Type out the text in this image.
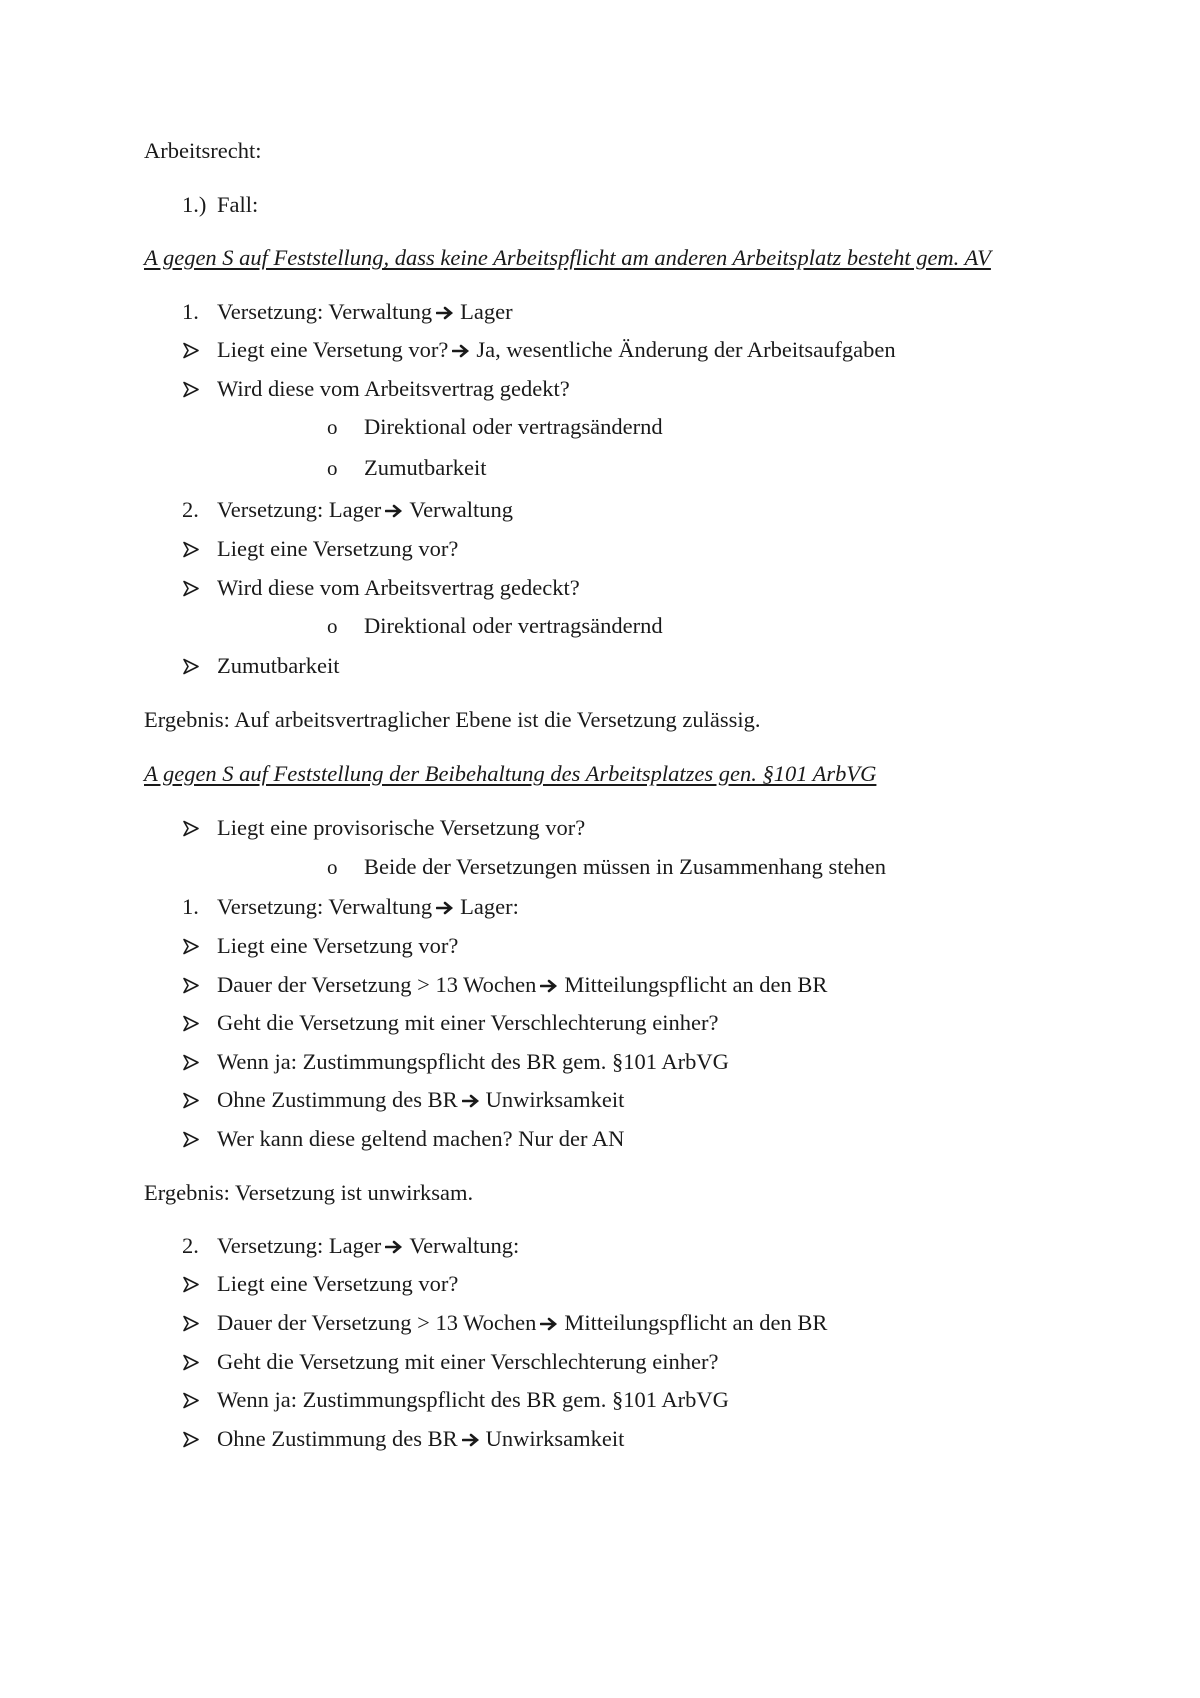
Arbeitsrecht:
1.) Fall:
A gegen S auf Feststellung, dass keine Arbeitspflicht am anderen Arbeitsplatz besteht gem. AV
1. Versetzung: Verwaltung Lager
Liegt eine Versetung vor? Ja, wesentliche Änderung der Arbeitsaufgaben
Wird diese vom Arbeitsvertrag gedekt?
o Direktional oder vertragsändernd
o Zumutbarkeit
2. Versetzung: Lager Verwaltung
Liegt eine Versetzung vor?
Wird diese vom Arbeitsvertrag gedeckt?
o Direktional oder vertragsändernd
Zumutbarkeit
Ergebnis: Auf arbeitsvertraglicher Ebene ist die Versetzung zulässig.
A gegen S auf Feststellung der Beibehaltung des Arbeitsplatzes gen. §101 ArbVG
Liegt eine provisorische Versetzung vor?
o Beide der Versetzungen müssen in Zusammenhang stehen
1. Versetzung: Verwaltung Lager:
Liegt eine Versetzung vor?
Dauer der Versetzung > 13 Wochen Mitteilungspflicht an den BR
Geht die Versetzung mit einer Verschlechterung einher?
Wenn ja: Zustimmungspflicht des BR gem. §101 ArbVG
Ohne Zustimmung des BR Unwirksamkeit
Wer kann diese geltend machen? Nur der AN
Ergebnis: Versetzung ist unwirksam.
2. Versetzung: Lager Verwaltung:
Liegt eine Versetzung vor?
Dauer der Versetzung > 13 Wochen Mitteilungspflicht an den BR
Geht die Versetzung mit einer Verschlechterung einher?
Wenn ja: Zustimmungspflicht des BR gem. §101 ArbVG
Ohne Zustimmung des BR Unwirksamkeit
